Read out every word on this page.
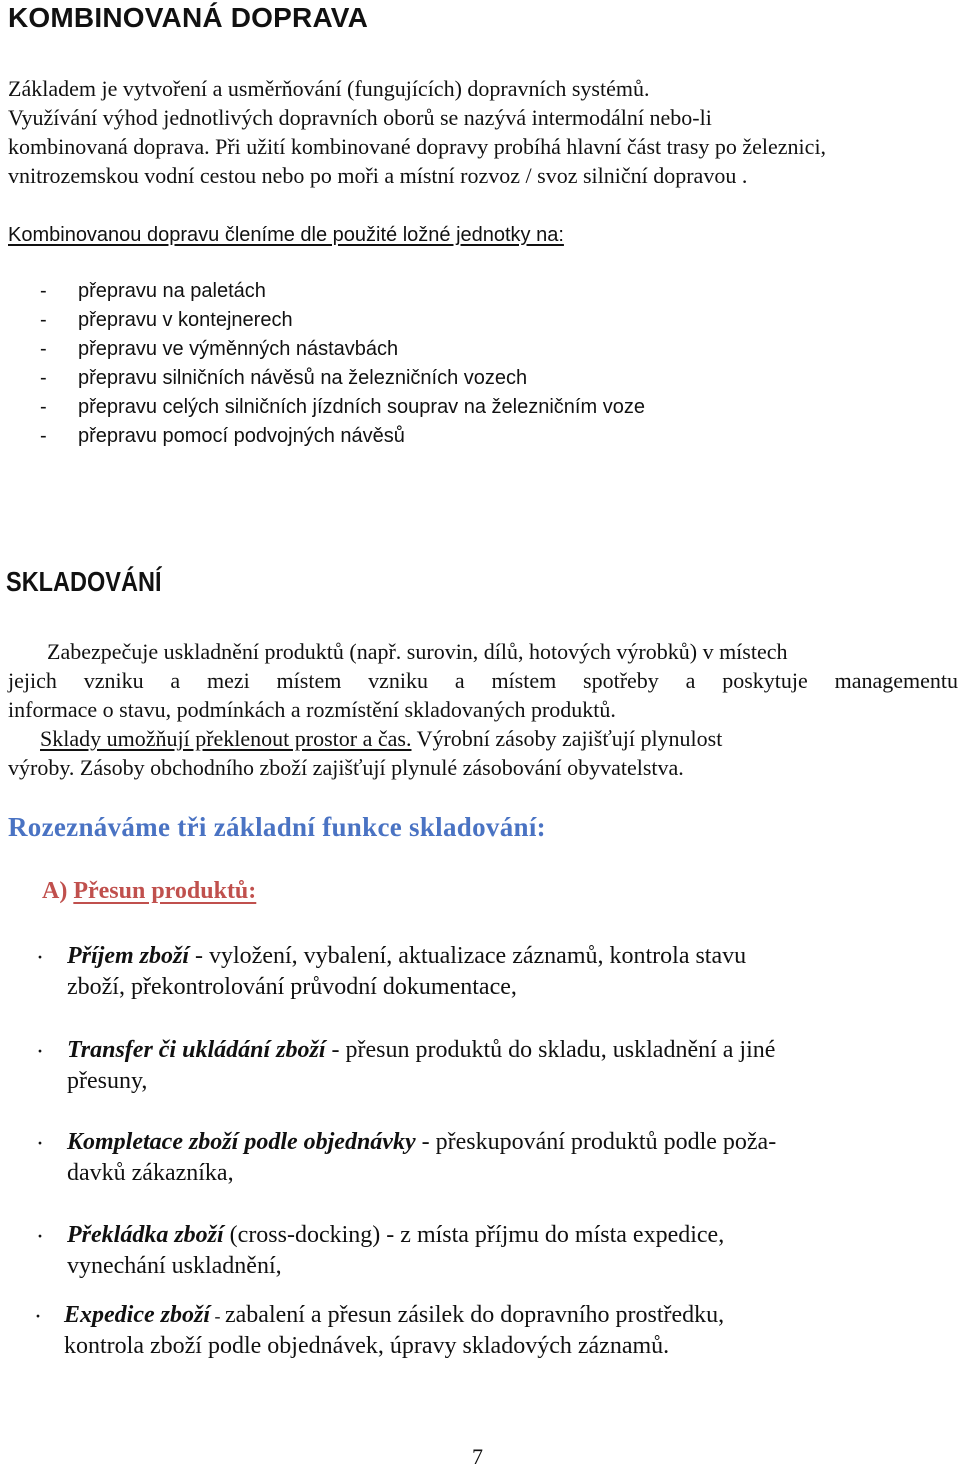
KOMBINOVANÁ DOPRAVA
Základem je vytvoření a usměrňování (fungujících) dopravních systémů.
Využívání výhod jednotlivých dopravních oborů se nazývá intermodální nebo-li
kombinovaná doprava. Při užití kombinované dopravy probíhá hlavní část trasy po železnici,
vnitrozemskou vodní cestou nebo po moři a místní rozvoz / svoz silniční dopravou .
Kombinovanou dopravu členíme dle použité ložné jednotky na:
- přepravu na paletách
- přepravu v kontejnerech
- přepravu ve výměnných nástavbách
- přepravu silničních návěsů na železničních vozech
- přepravu celých silničních jízdních souprav na železničním voze
- přepravu pomocí podvojných návěsů
SKLADOVÁNÍ
Zabezpečuje uskladnění produktů (např. surovin, dílů, hotových výrobků) v místech
jejich vzniku a mezi místem vzniku a místem spotřeby a poskytuje managementu
informace o stavu, podmínkách a rozmístění skladovaných produktů.
Sklady umožňují překlenout prostor a čas. Výrobní zásoby zajišťují plynulost
výroby. Zásoby obchodního zboží zajišťují plynulé zásobování obyvatelstva.
Rozeznáváme tři základní funkce skladování:
A) Přesun produktů:
· Příjem zboží - vyložení, vybalení, aktualizace záznamů, kontrola stavu
zboží, překontrolování průvodní dokumentace,
· Transfer či ukládání zboží - přesun produktů do skladu, uskladnění a jiné
přesuny,
· Kompletace zboží podle objednávky - přeskupování produktů podle poža-
davků zákazníka,
· Překládka zboží (cross-docking) - z místa příjmu do místa expedice,
vynechání uskladnění,
· Expedice zboží - zabalení a přesun zásilek do dopravního prostředku,
kontrola zboží podle objednávek, úpravy skladových záznamů.
7
